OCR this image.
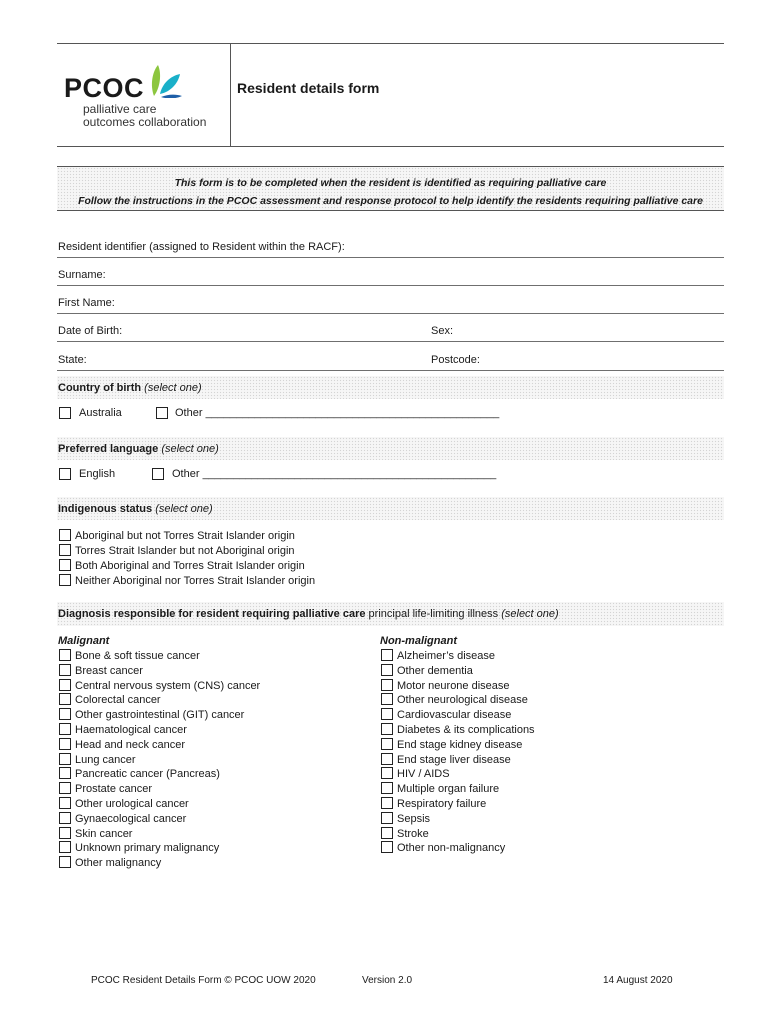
PCOC
palliative care
outcomes collaboration
Resident details form
This form is to be completed when the resident is identified as requiring palliative care
Follow the instructions in the PCOC assessment and response protocol to help identify the residents requiring palliative care
Resident identifier (assigned to Resident within the RACF):
Surname:
First Name:
Date of Birth:	Sex:
State:	Postcode:
Country of birth (select one)
Australia	Other ________________________________________________
Preferred language (select one)
English	Other ________________________________________________
Indigenous status (select one)
Aboriginal but not Torres Strait Islander origin
Torres Strait Islander but not Aboriginal origin
Both Aboriginal and Torres Strait Islander origin
Neither Aboriginal nor Torres Strait Islander origin
Diagnosis responsible for resident requiring palliative care principal life-limiting illness (select one)
Malignant	Non-malignant
Bone & soft tissue cancer
Breast cancer
Central nervous system (CNS) cancer
Colorectal cancer
Other gastrointestinal (GIT) cancer
Haematological cancer
Head and neck cancer
Lung cancer
Pancreatic cancer (Pancreas)
Prostate cancer
Other urological cancer
Gynaecological cancer
Skin cancer
Unknown primary malignancy
Other malignancy
Alzheimer’s disease
Other dementia
Motor neurone disease
Other neurological disease
Cardiovascular disease
Diabetes & its complications
End stage kidney disease
End stage liver disease
HIV / AIDS
Multiple organ failure
Respiratory failure
Sepsis
Stroke
Other non-malignancy
PCOC Resident Details Form © PCOC UOW 2020	Version 2.0	14 August 2020
